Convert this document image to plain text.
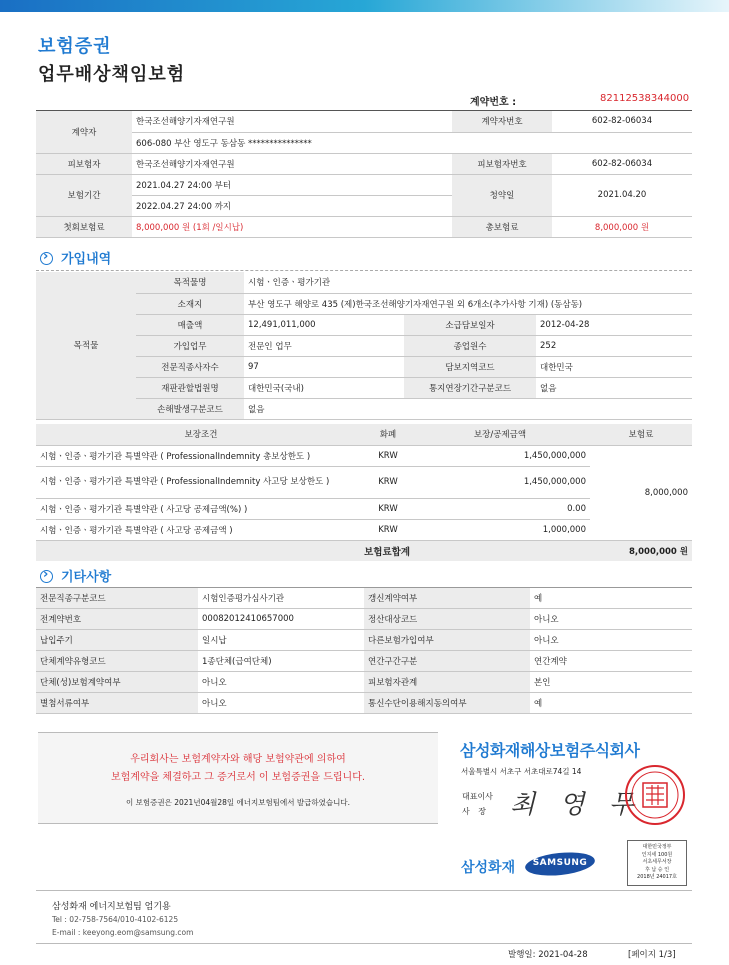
보험증권
업무배상책임보험
계약번호 :	82112538344000
계약자	한국조선해양기자재연구원	계약자번호	602-82-06034
	606-080 부산 영도구 동삼동 ***************		
피보험자	한국조선해양기자재연구원	피보험자번호	602-82-06034
보험기간	2021.04.27 24:00 부터	청약일	2021.04.20
	2022.04.27 24:00 까지		
첫회보험료	8,000,000 원 (1회 /일시납)	총보험료	8,000,000 원
›가입내역
목적물	목적물명	시험ㆍ인증ㆍ평가기관		
	소재지	부산 영도구 해양로 435 (제)한국조선해양기자재연구원 외 6개소(추가사항 기재) (동삼동)		
	매출액	12,491,011,000	소급담보일자	2012-04-28
	가입업무	전문인 업무	종업원수	252
	전문직종사자수	97	담보지역코드	대한민국
	재판관할법원명	대한민국(국내)	통지연장기간구분코드	없음
	손해발생구분코드	없음		
보장조건	화폐	보장/공제금액	보험료
시험ㆍ인증ㆍ평가기관 특별약관 ( ProfessionalIndemnity 총보상한도 )	KRW	1,450,000,000	8,000,000
시험ㆍ인증ㆍ평가기관 특별약관 ( ProfessionalIndemnity 사고당 보상한도 )	KRW	1,450,000,000	
시험ㆍ인증ㆍ평가기관 특별약관 ( 사고당 공제금액(%) )	KRW	0.00	
시험ㆍ인증ㆍ평가기관 특별약관 ( 사고당 공제금액 )	KRW	1,000,000	
보험료합계			8,000,000 원
›기타사항
전문직종구분코드	시험인증평가심사기관	갱신계약여부	예
전계약번호	00082012410657000	정산대상코드	아니오
납입주기	일시납	다른보험가입여부	아니오
단체계약유형코드	1종단체(급여단체)	연간구간구분	연간계약
단체(성)보험계약여부	아니오	피보험자관계	본인
별첨서류여부	아니오	통신수단이용해지동의여부	예
우리회사는 보험계약자와 해당 보험약관에 의하여
보험계약을 체결하고 그 증거로서 이 보험증권을 드립니다.
이 보험증권은 2021년04월28일 에너지보험팀에서 발급하였습니다.
삼성화재해상보험주식회사
서울특별시 서초구 서초대로74길 14
대표이사
사 장 최 영 무
삼성화재	SAMSUNG
대한민국정부
인지세 100원
서초세무서장
후 납 승 인
2018년 24017호
삼성화재 에너지보험팀 엄기용
Tel : 02-758-7564/010-4102-6125
E-mail : keeyong.eom@samsung.com
발행일: 2021-04-28	[페이지 1/3]
